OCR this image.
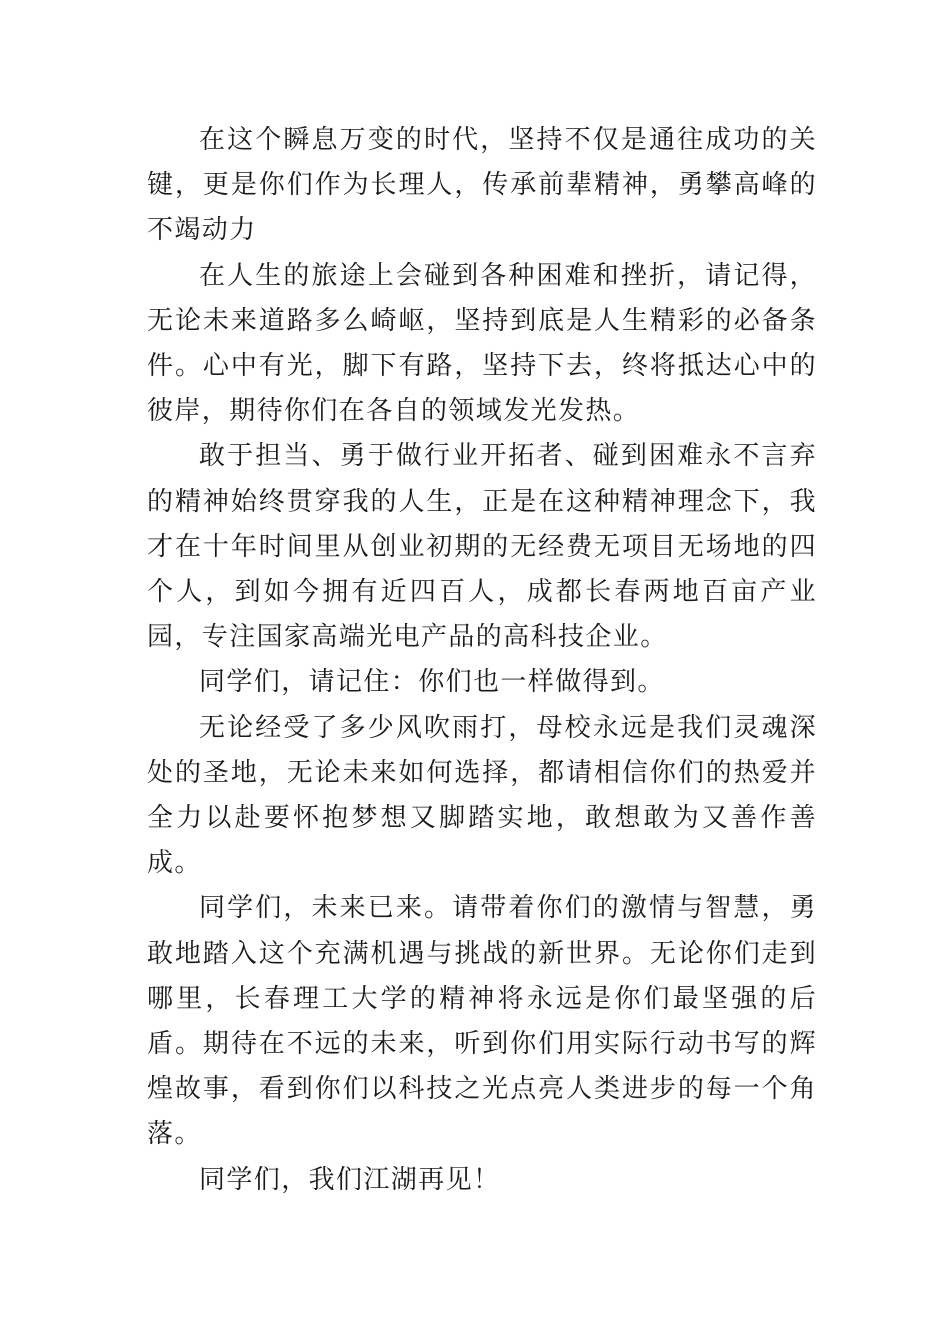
在这个瞬息万变的时代，坚持不仅是通往成功的关键，更是你们作为长理人，传承前辈精神，勇攀高峰的不竭动力

在人生的旅途上会碰到各种困难和挫折，请记得，无论未来道路多么崎岖，坚持到底是人生精彩的必备条件。心中有光，脚下有路，坚持下去，终将抵达心中的彼岸，期待你们在各自的领域发光发热。

敢于担当、勇于做行业开拓者、碰到困难永不言弃的精神始终贯穿我的人生，正是在这种精神理念下，我才在十年时间里从创业初期的无经费无项目无场地的四个人，到如今拥有近四百人，成都长春两地百亩产业园，专注国家高端光电产品的高科技企业。

同学们，请记住：你们也一样做得到。

无论经受了多少风吹雨打，母校永远是我们灵魂深处的圣地，无论未来如何选择，都请相信你们的热爱并全力以赴要怀抱梦想又脚踏实地，敢想敢为又善作善成。

同学们，未来已来。请带着你们的激情与智慧，勇敢地踏入这个充满机遇与挑战的新世界。无论你们走到哪里，长春理工大学的精神将永远是你们最坚强的后盾。期待在不远的未来，听到你们用实际行动书写的辉煌故事，看到你们以科技之光点亮人类进步的每一个角落。

同学们，我们江湖再见！
